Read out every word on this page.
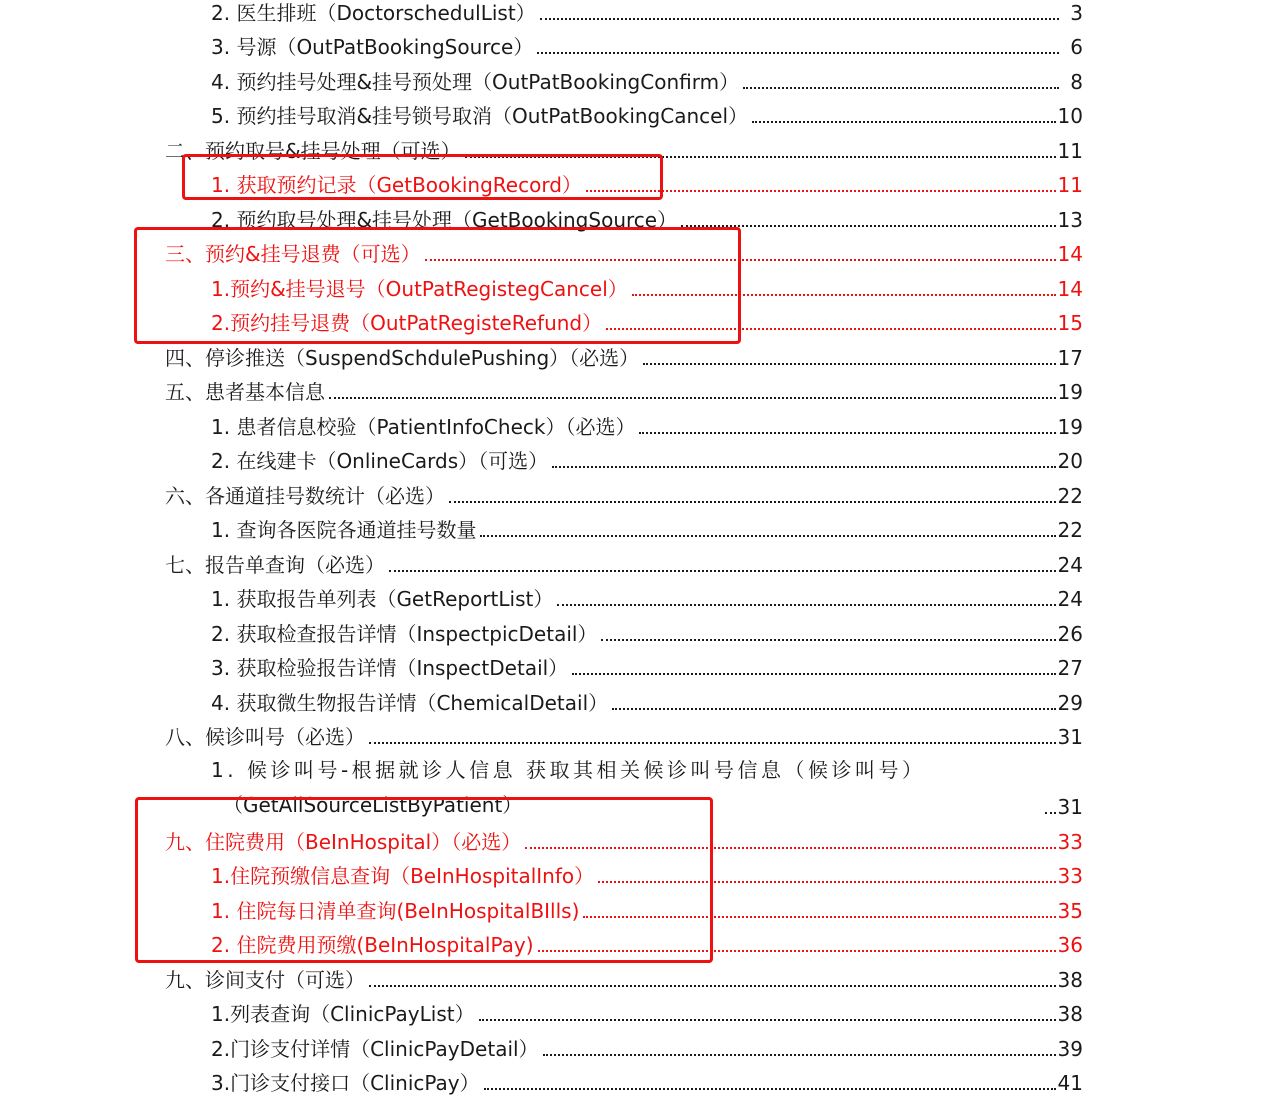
2. 医生排班（DoctorschedulList）	3
3. 号源（OutPatBookingSource）	6
4. 预约挂号处理&挂号预处理（OutPatBookingConfirm）	8
5. 预约挂号取消&挂号锁号取消（OutPatBookingCancel）	10
二、预约取号&挂号处理（可选）	11
1. 获取预约记录（GetBookingRecord）	11
2. 预约取号处理&挂号处理（GetBookingSource）	13
三、预约&挂号退费（可选）	14
1.预约&挂号退号（OutPatRegistegCancel）	14
2.预约挂号退费（OutPatRegisteRefund）	15
四、停诊推送（SuspendSchdulePushing）（必选）	17
五、患者基本信息	19
1. 患者信息校验（PatientInfoCheck）（必选）	19
2. 在线建卡（OnlineCards）（可选）	20
六、各通道挂号数统计（必选）	22
1. 查询各医院各通道挂号数量	22
七、报告单查询（必选）	24
1. 获取报告单列表（GetReportList）	24
2. 获取检查报告详情（InspectpicDetail）	26
3. 获取检验报告详情（InspectDetail）	27
4. 获取微生物报告详情（ChemicalDetail）	29
八、候诊叫号（必选）	31
1. 候诊叫号-根据就诊人信息 获取其相关候诊叫号信息（候诊叫号）
（GetAllSourceListByPatient）	31
九、住院费用（BeInHospital）（必选）	33
1.住院预缴信息查询（BeInHospitalInfo）	33
1. 住院每日清单查询(BeInHospitalBIlls)	35
2. 住院费用预缴(BeInHospitalPay)	36
九、诊间支付（可选）	38
1.列表查询（ClinicPayList）	38
2.门诊支付详情（ClinicPayDetail）	39
3.门诊支付接口（ClinicPay）	41
